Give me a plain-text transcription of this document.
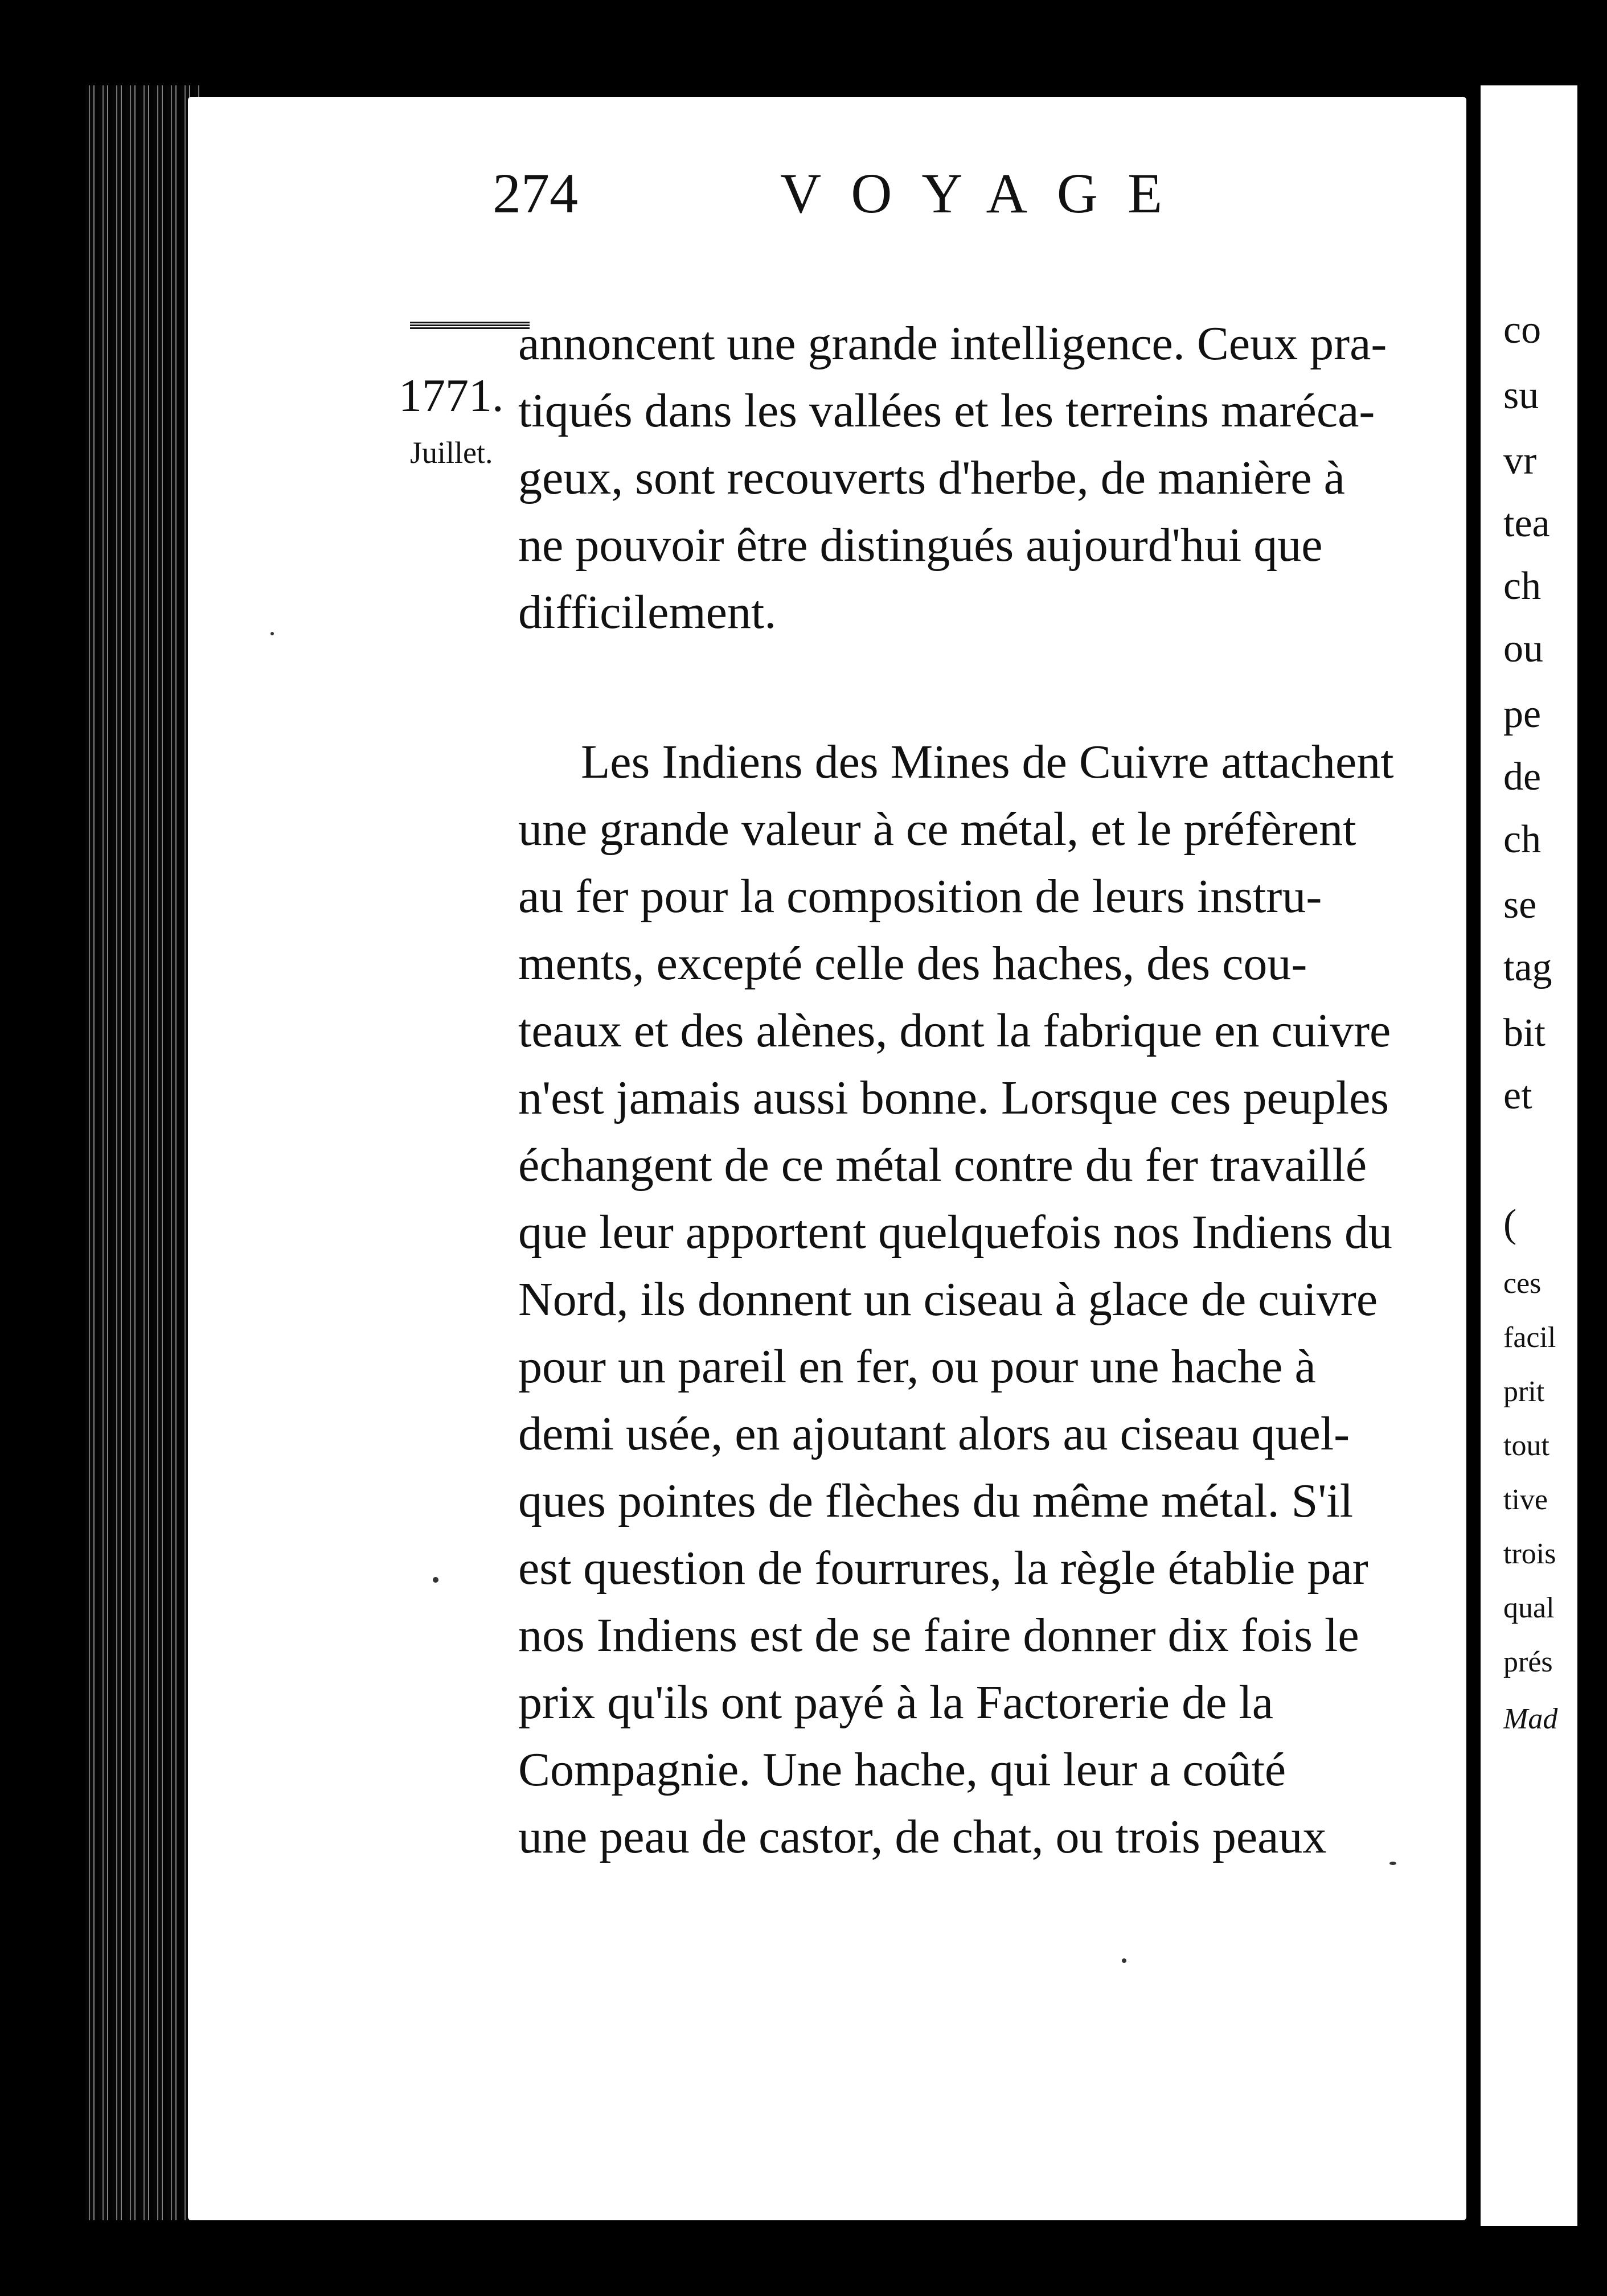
274	VOYAGE
1771.
Juillet.
annoncent une grande intelligence. Ceux pra-
tiqués dans les vallées et les terreins maréca-
geux, sont recouverts d'herbe, de manière à
ne pouvoir être distingués aujourd'hui que
difficilement.
Les Indiens des Mines de Cuivre attachent
une grande valeur à ce métal, et le préfèrent
au fer pour la composition de leurs instru-
ments, excepté celle des haches, des cou-
teaux et des alènes, dont la fabrique en cuivre
n'est jamais aussi bonne. Lorsque ces peuples
échangent de ce métal contre du fer travaillé
que leur apportent quelquefois nos Indiens du
Nord, ils donnent un ciseau à glace de cuivre
pour un pareil en fer, ou pour une hache à
demi usée, en ajoutant alors au ciseau quel-
ques pointes de flèches du même métal. S'il
est question de fourrures, la règle établie par
nos Indiens est de se faire donner dix fois le
prix qu'ils ont payé à la Factorerie de la
Compagnie. Une hache, qui leur a coûté
une peau de castor, de chat, ou trois peaux
co
su
vr
tea
ch
ou
pe
de
ch
se
tag
bit
et
(
ces
facil
prit
tout
tive
trois
qual
prés
Mad
